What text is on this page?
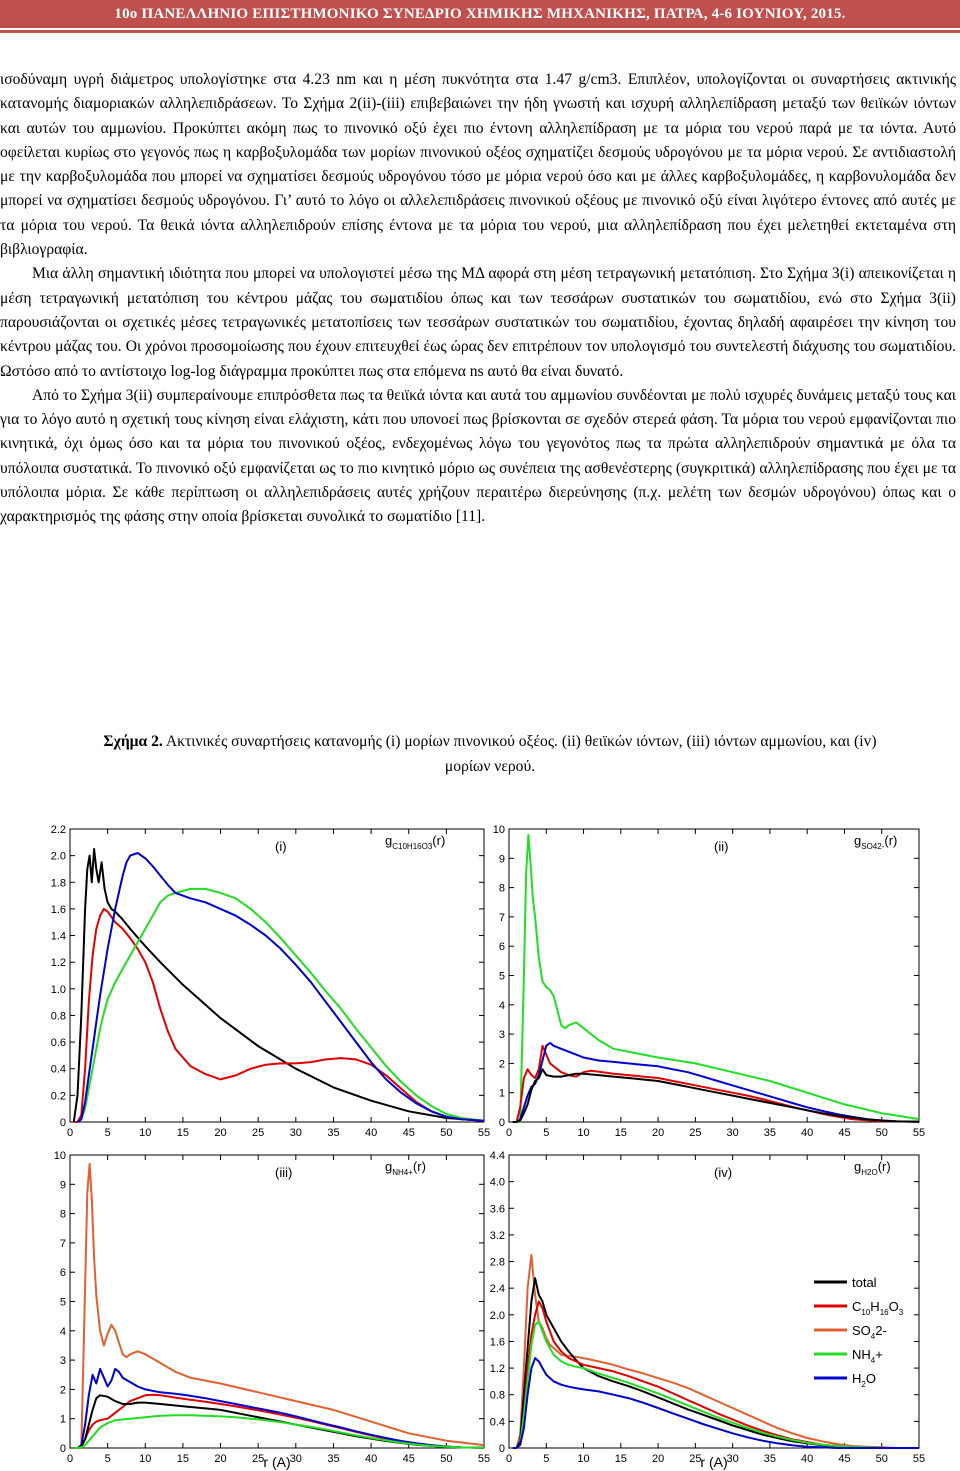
10ο ΠΑΝΕΛΛΗΝΙΟ ΕΠΙΣΤΗΜΟΝΙΚΟ ΣΥΝΕΔΡΙΟ ΧΗΜΙΚΗΣ ΜΗΧΑΝΙΚΗΣ, ΠΑΤΡΑ, 4-6 ΙΟΥΝΙΟΥ, 2015.

ισοδύναμη υγρή διάμετρος υπολογίστηκε στα 4.23 nm και η μέση πυκνότητα στα 1.47 g/cm3. Επιπλέον, υπολογίζονται οι συναρτήσεις ακτινικής κατανομής διαμοριακών αλληλεπιδράσεων. Το Σχήμα 2(ii)-(iii) επιβεβαιώνει την ήδη γνωστή και ισχυρή αλληλεπίδραση μεταξύ των θειϊκών ιόντων και αυτών του αμμωνίου. Προκύπτει ακόμη πως το πινονικό οξύ έχει πιο έντονη αλληλεπίδραση με τα μόρια του νερού παρά με τα ιόντα. Αυτό οφείλεται κυρίως στο γεγονός πως η καρβοξυλομάδα των μορίων πινονικού οξέος σχηματίζει δεσμούς υδρογόνου με τα μόρια νερού. Σε αντιδιαστολή με την καρβοξυλομάδα που μπορεί να σχηματίσει δεσμούς υδρογόνου τόσο με μόρια νερού όσο και με άλλες καρβοξυλομάδες, η καρβονυλομάδα δεν μπορεί να σχηματίσει δεσμούς υδρογόνου. Γι’ αυτό το λόγο οι αλλελεπιδράσεις πινονικού οξέους με πινονικό οξύ είναι λιγότερο έντονες από αυτές με τα μόρια του νερού. Τα θεικά ιόντα αλληλεπιδρούν επίσης έντονα με τα μόρια του νερού, μια αλληλεπίδραση που έχει μελετηθεί εκτεταμένα στη βιβλιογραφία.

Μια άλλη σημαντική ιδιότητα που μπορεί να υπολογιστεί μέσω της ΜΔ αφορά στη μέση τετραγωνική μετατόπιση. Στο Σχήμα 3(i) απεικονίζεται η μέση τετραγωνική μετατόπιση του κέντρου μάζας του σωματιδίου όπως και των τεσσάρων συστατικών του σωματιδίου, ενώ στο Σχήμα 3(ii) παρουσιάζονται οι σχετικές μέσες τετραγωνικές μετατοπίσεις των τεσσάρων συστατικών του σωματιδίου, έχοντας δηλαδή αφαιρέσει την κίνηση του κέντρου μάζας του. Οι χρόνοι προσομοίωσης που έχουν επιτευχθεί έως ώρας δεν επιτρέπουν τον υπολογισμό του συντελεστή διάχυσης του σωματιδίου. Ωστόσο από το αντίστοιχο log-log διάγραμμα προκύπτει πως στα επόμενα ns αυτό θα είναι δυνατό.

Από το Σχήμα 3(ii) συμπεραίνουμε επιπρόσθετα πως τα θειϊκά ιόντα και αυτά του αμμωνίου συνδέονται με πολύ ισχυρές δυνάμεις μεταξύ τους και για το λόγο αυτό η σχετική τους κίνηση είναι ελάχιστη, κάτι που υπονοεί πως βρίσκονται σε σχεδόν στερεά φάση. Τα μόρια του νερού εμφανίζονται πιο κινητικά, όχι όμως όσο και τα μόρια του πινονικού οξέος, ενδεχομένως λόγω του γεγονότος πως τα πρώτα αλληλεπιδρούν σημαντικά με όλα τα υπόλοιπα συστατικά. Το πινονικό οξύ εμφανίζεται ως το πιο κινητικό μόριο ως συνέπεια της ασθενέστερης (συγκριτικά) αλληλεπίδρασης που έχει με τα υπόλοιπα μόρια. Σε κάθε περίπτωση οι αλληλεπιδράσεις αυτές χρήζουν περαιτέρω διερεύνησης (π.χ. μελέτη των δεσμών υδρογόνου) όπως και ο χαρακτηρισμός της φάσης στην οποία βρίσκεται συνολικά το σωματίδιο [11].

Σχήμα 2. Ακτινικές συναρτήσεις κατανομής (i) μορίων πινονικού οξέος. (ii) θειϊκών ιόντων, (iii) ιόντων αμμωνίου, και (iv) μορίων νερού.
0	5	10 15 20 25 30 35 40 45 50 55
0
0.2
0.4
0.6
0.8
1.0
1.2
1.4
1.6
1.8
2.0
2.2
(i)	$g_C10H16O3(r)$
0	5	10 15 20 25 30 35 40 45 50 55
0
1
2
3
4
5
6
7
8
9
10
(ii)	$g_{SO}42-(r)$
0	5	10 15 20 25 30 35 40 45 50 55
0
1
2
3
4
5
6
7
8
9
10
(iii)	$g_{NH}4+(r)$
0	5	10 15 20 25 30 35 40 45 50 55
0
0.4
0.8
1.2
1.6
2.0
2.4
2.8
3.2
3.6
4.0
4.4
(iv)	$g_H2O(r)$
total
$C_{10}H_{16}O_3$
$SO_42-$
$NH_4+$
$H_2O$
r (A)	r (A)
